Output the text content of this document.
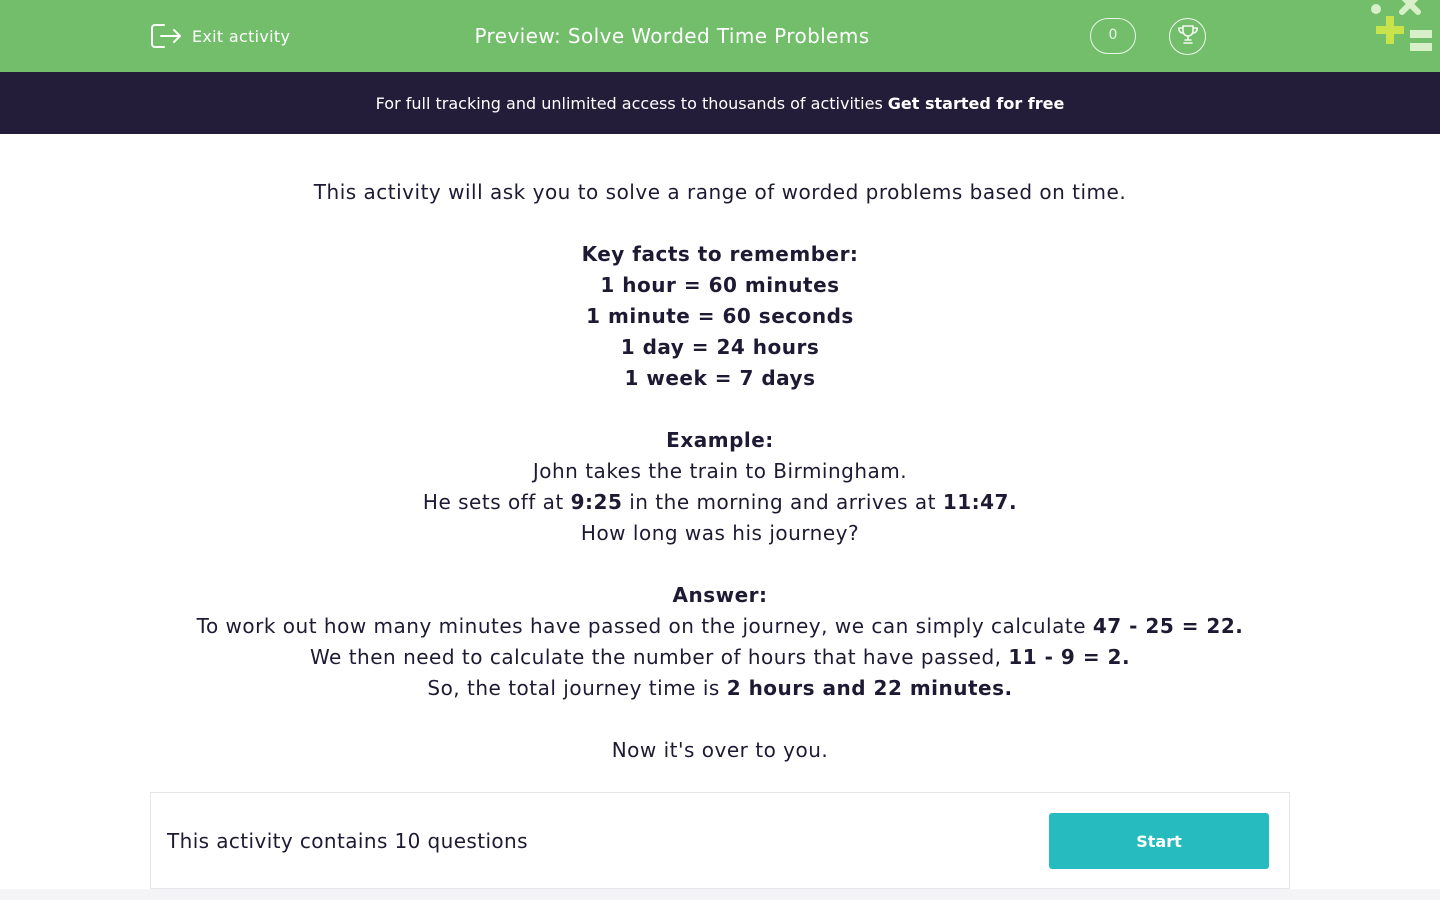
Exit activity	Preview: Solve Worded Time Problems	0
For full tracking and unlimited access to thousands of activities Get started for free

This activity will ask you to solve a range of worded problems based on time.

Key facts to remember:

1 hour = 60 minutes

1 minute = 60 seconds

1 day = 24 hours

1 week = 7 days

Example:

John takes the train to Birmingham.

He sets off at 9:25 in the morning and arrives at 11:47.

How long was his journey?

Answer:

To work out how many minutes have passed on the journey, we can simply calculate 47 - 25 = 22.

We then need to calculate the number of hours that have passed, 11 - 9 = 2.

So, the total journey time is 2 hours and 22 minutes.

Now it's over to you.

This activity contains 10 questions	Start
